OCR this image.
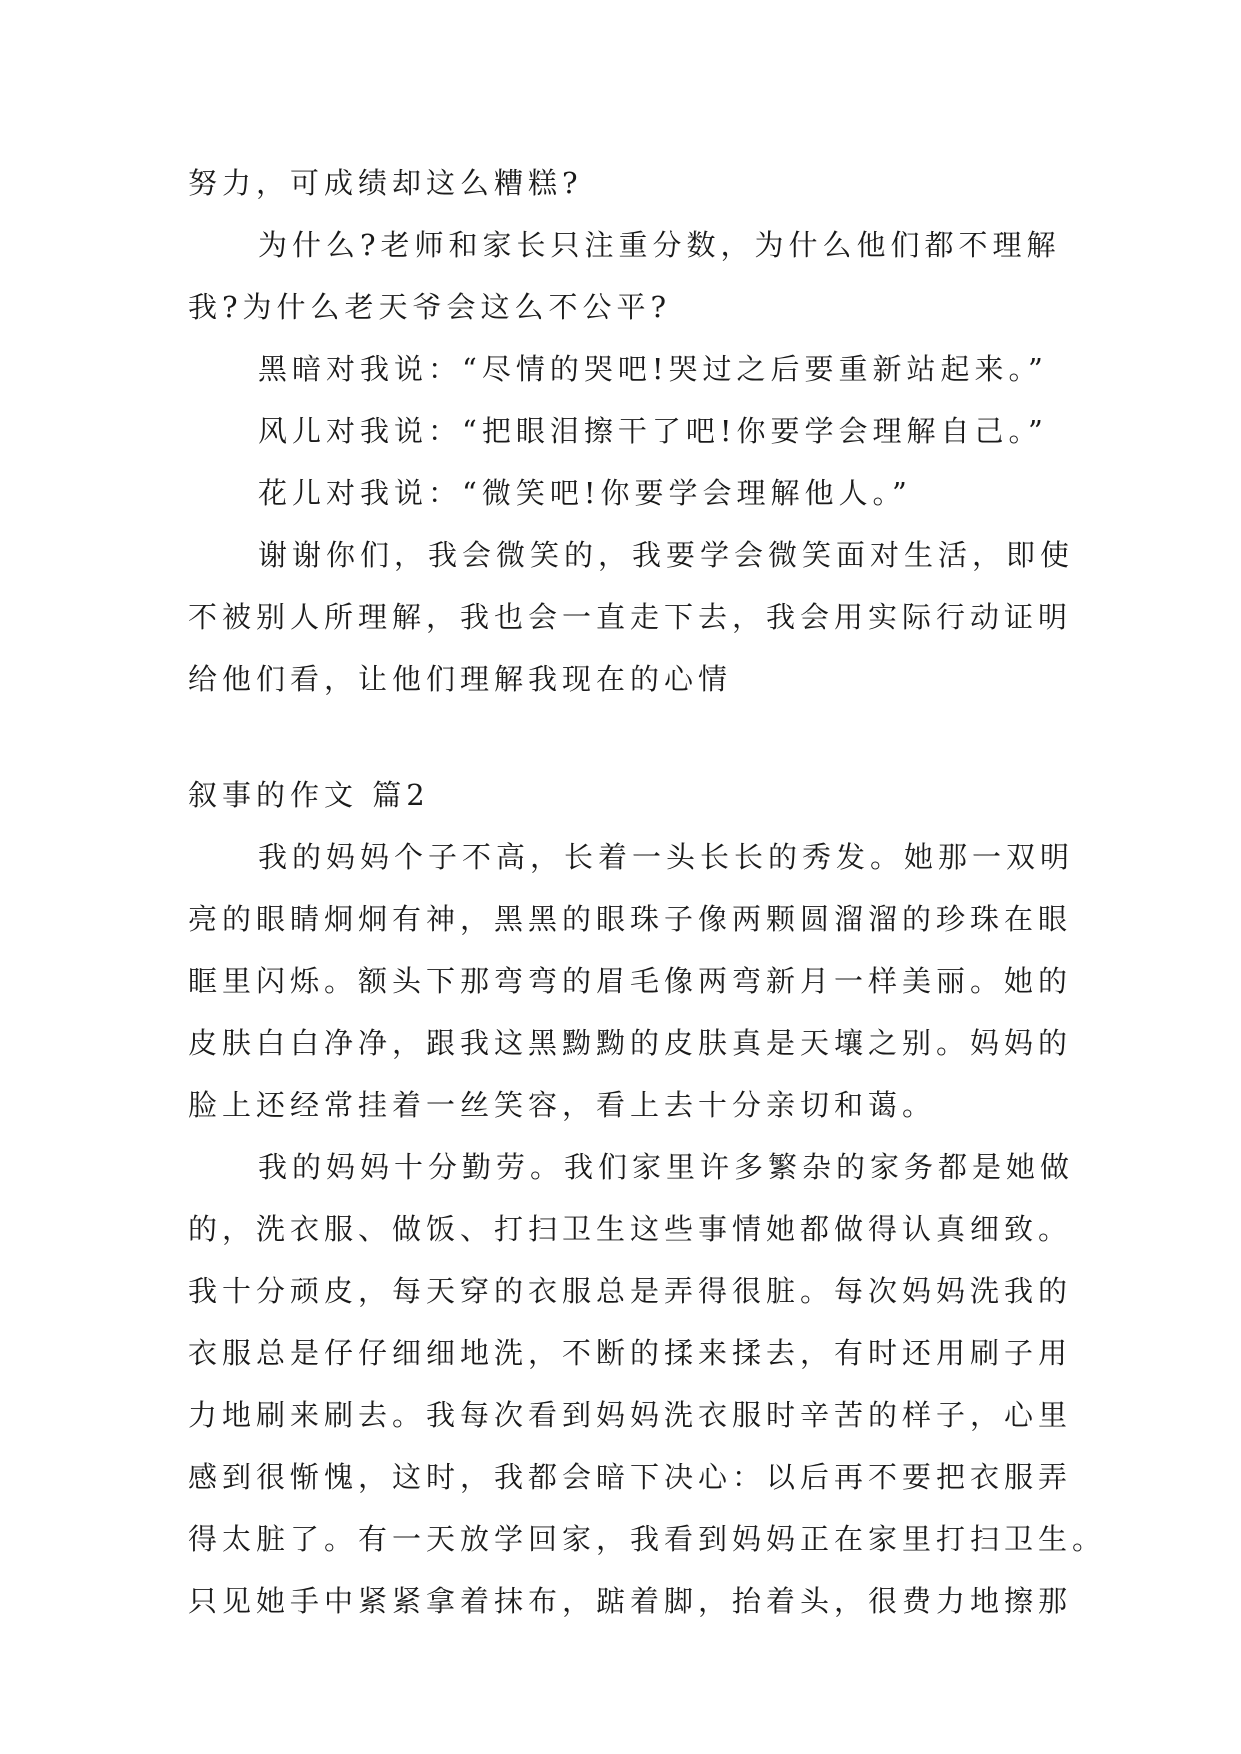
努力，可成绩却这么糟糕?
为什么?老师和家长只注重分数，为什么他们都不理解
我?为什么老天爷会这么不公平?
黑暗对我说：“尽情的哭吧!哭过之后要重新站起来。”
风儿对我说：“把眼泪擦干了吧!你要学会理解自己。”
花儿对我说：“微笑吧!你要学会理解他人。”
谢谢你们，我会微笑的，我要学会微笑面对生活，即使
不被别人所理解，我也会一直走下去，我会用实际行动证明
给他们看，让他们理解我现在的心情
叙事的作文 篇2
我的妈妈个子不高，长着一头长长的秀发。她那一双明
亮的眼睛炯炯有神，黑黑的眼珠子像两颗圆溜溜的珍珠在眼
眶里闪烁。额头下那弯弯的眉毛像两弯新月一样美丽。她的
皮肤白白净净，跟我这黑黝黝的皮肤真是天壤之别。妈妈的
脸上还经常挂着一丝笑容，看上去十分亲切和蔼。
我的妈妈十分勤劳。我们家里许多繁杂的家务都是她做
的，洗衣服、做饭、打扫卫生这些事情她都做得认真细致。
我十分顽皮，每天穿的衣服总是弄得很脏。每次妈妈洗我的
衣服总是仔仔细细地洗，不断的揉来揉去，有时还用刷子用
力地刷来刷去。我每次看到妈妈洗衣服时辛苦的样子，心里
感到很惭愧，这时，我都会暗下决心：以后再不要把衣服弄
得太脏了。有一天放学回家，我看到妈妈正在家里打扫卫生。
只见她手中紧紧拿着抹布，踮着脚，抬着头，很费力地擦那
